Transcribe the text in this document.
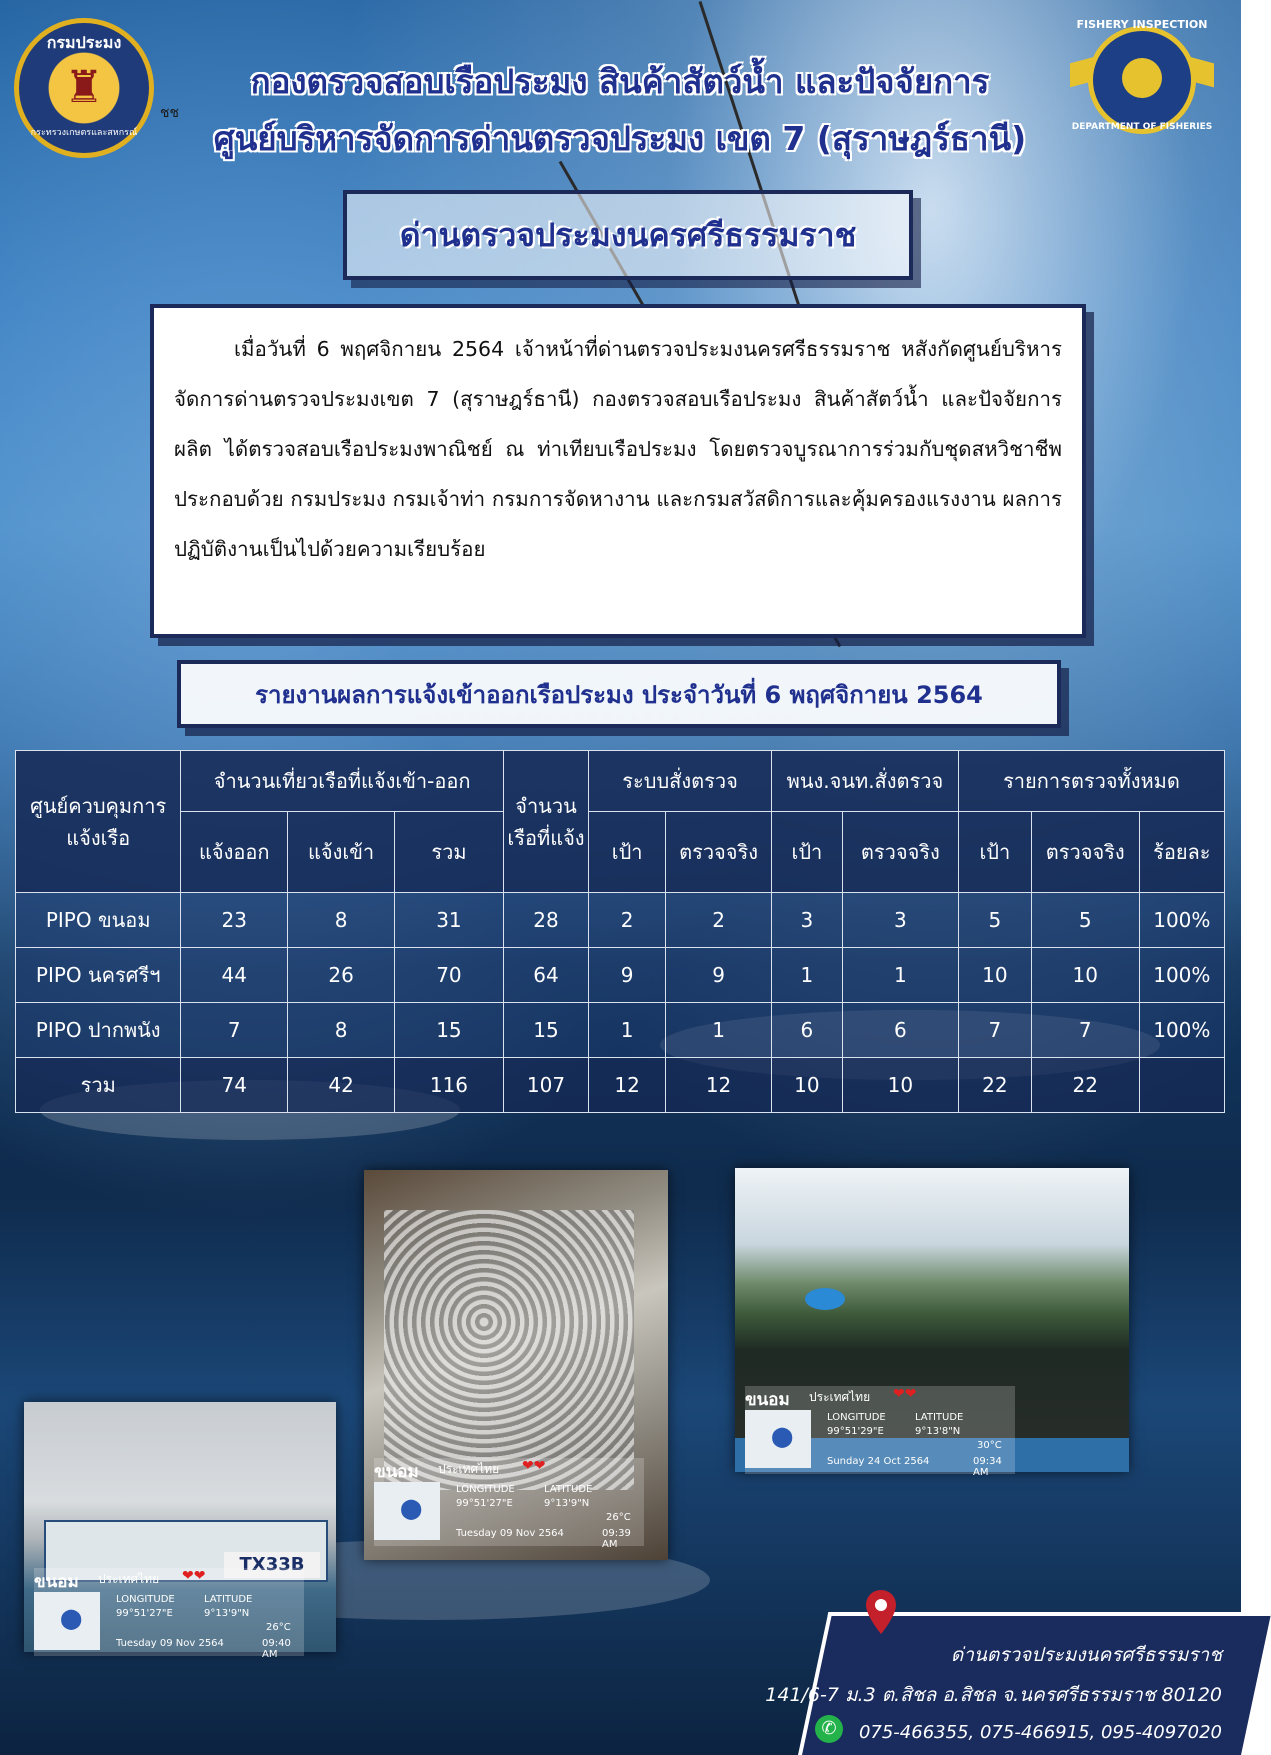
กรมประมง
♜
กระทรวงเกษตรและสหกรณ์
ชช
FISHERY INSPECTION
DEPARTMENT OF FISHERIES
กองตรวจสอบเรือประมง สินค้าสัตว์น้ำ และปัจจัยการ
ศูนย์บริหารจัดการด่านตรวจประมง เขต 7 (สุราษฎร์ธานี)
ด่านตรวจประมงนครศรีธรรมราช

เมื่อวันที่ 6 พฤศจิกายน 2564 เจ้าหน้าที่ด่านตรวจประมงนครศรีธรรมราช หสังกัดศูนย์บริหารจัดการด่านตรวจประมงเขต 7 (สุราษฎร์ธานี) กองตรวจสอบเรือประมง สินค้าสัตว์น้ำ และปัจจัยการผลิต ได้ตรวจสอบเรือประมงพาณิชย์ ณ ท่าเทียบเรือประมง โดยตรวจบูรณาการร่วมกับชุดสหวิชาชีพประกอบด้วย กรมประมง กรมเจ้าท่า กรมการจัดหางาน และกรมสวัสดิการและคุ้มครองแรงงาน ผลการปฏิบัติงานเป็นไปด้วยความเรียบร้อย

รายงานผลการแจ้งเข้าออกเรือประมง ประจำวันที่ 6 พฤศจิกายน 2564
ศูนย์ควบคุมการแจ้งเรือ	จำนวนเที่ยวเรือที่แจ้งเข้า-ออก			จำนวนเรือที่แจ้ง	ระบบสั่งตรวจ		พนง.จนท.สั่งตรวจ		รายการตรวจทั้งหมด		
	แจ้งออก	แจ้งเข้า	รวม		เป้า	ตรวจจริง	เป้า	ตรวจจริง	เป้า	ตรวจจริง	ร้อยละ
PIPO ขนอม	23	8	31	28	2	2	3	3	5	5	100%
PIPO นครศรีฯ	44	26	70	64	9	9	1	1	10	10	100%
PIPO ปากพนัง	7	8	15	15	1	1	6	6	7	7	100%
รวม	74	42	116	107	12	12	10	10	22	22	
ขนอม ประเทศไทย ❤❤
⬤
LONGITUDE	LATITUDE
99°51'27"E	9°13'9"N
26°C
Tuesday 09 Nov 2564	09:39 AM
ขนอม ประเทศไทย ❤❤
⬤
LONGITUDE	LATITUDE
99°51'29"E	9°13'8"N
30°C
Sunday 24 Oct 2564	09:34 AM
TX33B
ขนอม ประเทศไทย ❤❤
⬤
LONGITUDE	LATITUDE
99°51'27"E	9°13'9"N
26°C
Tuesday 09 Nov 2564	09:40 AM
✆
ด่านตรวจประมงนครศรีธรรมราช
141/6-7 ม.3 ต.สิชล อ.สิชล จ.นครศรีธรรมราช 80120
075-466355, 075-466915, 095-4097020
